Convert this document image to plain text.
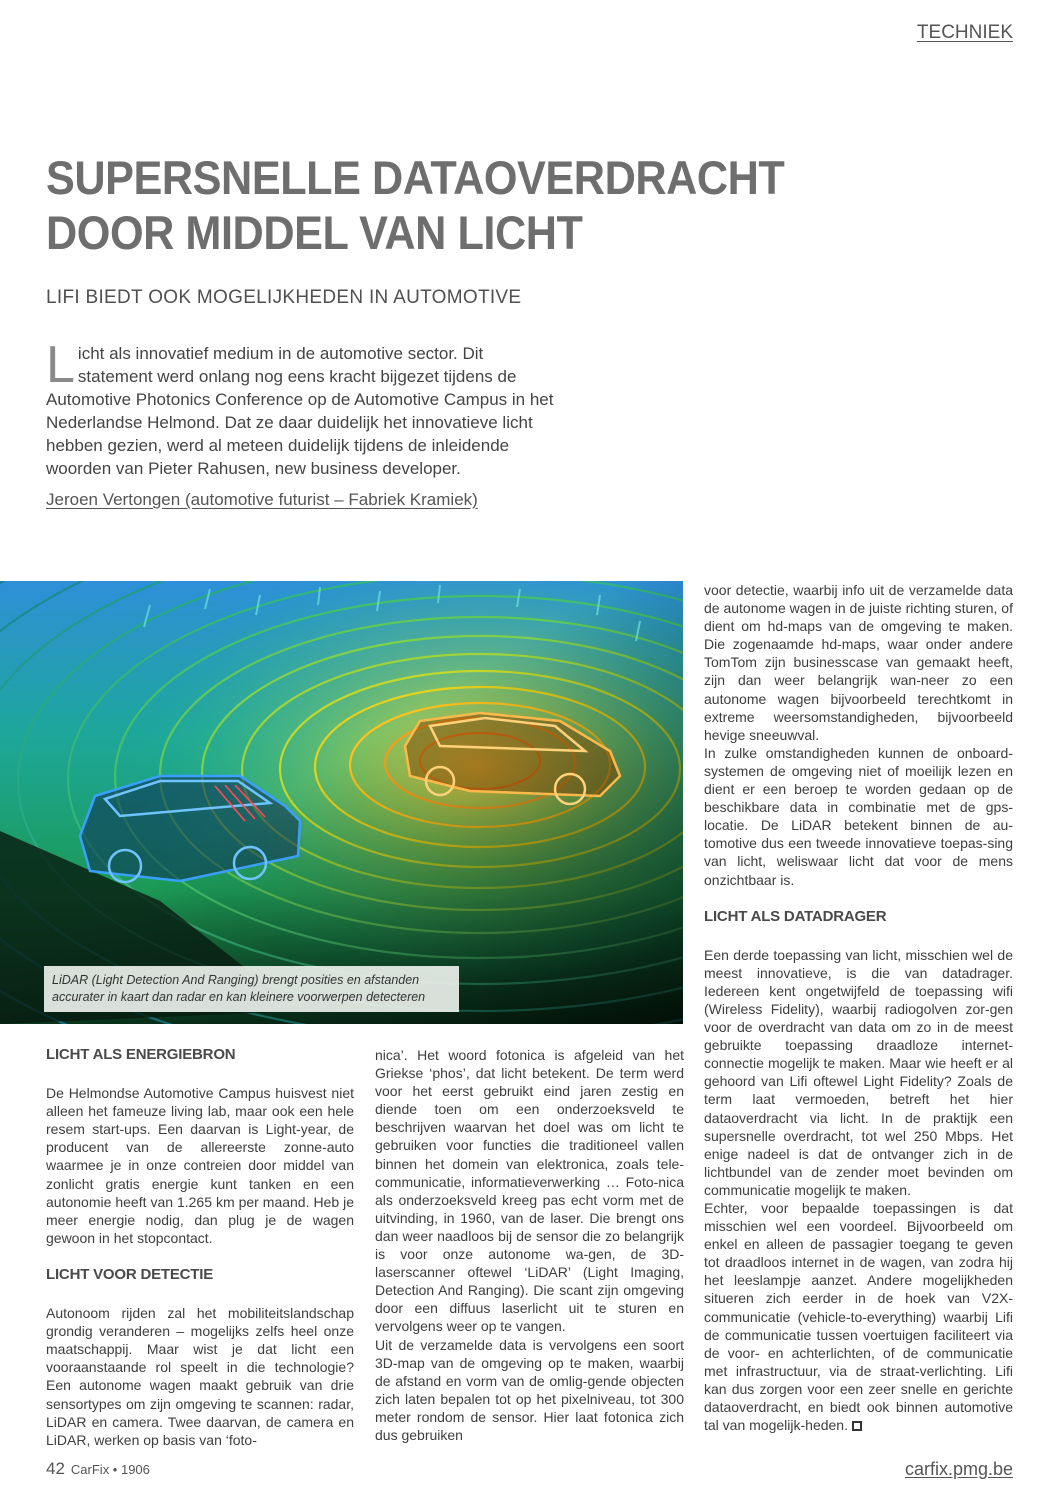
TECHNIEK
SUPERSNELLE DATAOVERDRACHT
DOOR MIDDEL VAN LICHT
LIFI BIEDT OOK MOGELIJKHEDEN IN AUTOMOTIVE
Licht als innovatief medium in de automotive sector. Dit statement werd onlang nog eens kracht bijgezet tijdens de Automotive Photonics Conference op de Automotive Campus in het Nederlandse Helmond. Dat ze daar duidelijk het innovatieve licht hebben gezien, werd al meteen duidelijk tijdens de inleidende woorden van Pieter Rahusen, new business developer.
Jeroen Vertongen (automotive futurist – Fabriek Kramiek)
LiDAR (Light Detection And Ranging) brengt posities en afstanden accurater in kaart dan radar en kan kleinere voorwerpen detecteren
LICHT ALS ENERGIEBRON

De Helmondse Automotive Campus huisvest niet alleen het fameuze living lab, maar ook een hele resem start-ups. Een daarvan is Light-year, de producent van de allereerste zonne-auto waarmee je in onze contreien door middel van zonlicht gratis energie kunt tanken en een autonomie heeft van 1.265 km per maand. Heb je meer energie nodig, dan plug je de wagen gewoon in het stopcontact.

LICHT VOOR DETECTIE

Autonoom rijden zal het mobiliteitslandschap grondig veranderen – mogelijks zelfs heel onze maatschappij. Maar wist je dat licht een vooraanstaande rol speelt in die technologie? Een autonome wagen maakt gebruik van drie sensortypes om zijn omgeving te scannen: radar, LiDAR en camera. Twee daarvan, de camera en LiDAR, werken op basis van ‘foto-

nica’. Het woord fotonica is afgeleid van het Griekse ‘phos’, dat licht betekent. De term werd voor het eerst gebruikt eind jaren zestig en diende toen om een onderzoeksveld te beschrijven waarvan het doel was om licht te gebruiken voor functies die traditioneel vallen binnen het domein van elektronica, zoals tele-communicatie, informatieverwerking … Foto-nica als onderzoeksveld kreeg pas echt vorm met de uitvinding, in 1960, van de laser. Die brengt ons dan weer naadloos bij de sensor die zo belangrijk is voor onze autonome wa-gen, de 3D-laserscanner oftewel ‘LiDAR’ (Light Imaging, Detection And Ranging). Die scant zijn omgeving door een diffuus laserlicht uit te sturen en vervolgens weer op te vangen.

Uit de verzamelde data is vervolgens een soort 3D-map van de omgeving op te maken, waarbij de afstand en vorm van de omlig-gende objecten zich laten bepalen tot op het pixelniveau, tot 300 meter rondom de sensor. Hier laat fotonica zich dus gebruiken

voor detectie, waarbij info uit de verzamelde data de autonome wagen in de juiste richting sturen, of dient om hd-maps van de omgeving te maken. Die zogenaamde hd-maps, waar onder andere TomTom zijn businesscase van gemaakt heeft, zijn dan weer belangrijk wan-neer zo een autonome wagen bijvoorbeeld terechtkomt in extreme weersomstandigheden, bijvoorbeeld hevige sneeuwval.

In zulke omstandigheden kunnen de onboard-systemen de omgeving niet of moeilijk lezen en dient er een beroep te worden gedaan op de beschikbare data in combinatie met de gps-locatie. De LiDAR betekent binnen de au-tomotive dus een tweede innovatieve toepas-sing van licht, weliswaar licht dat voor de mens onzichtbaar is.

LICHT ALS DATADRAGER

Een derde toepassing van licht, misschien wel de meest innovatieve, is die van datadrager. Iedereen kent ongetwijfeld de toepassing wifi (Wireless Fidelity), waarbij radiogolven zor-gen voor de overdracht van data om zo in de meest gebruikte toepassing draadloze internet-connectie mogelijk te maken. Maar wie heeft er al gehoord van Lifi oftewel Light Fidelity? Zoals de term laat vermoeden, betreft het hier dataoverdracht via licht. In de praktijk een supersnelle overdracht, tot wel 250 Mbps. Het enige nadeel is dat de ontvanger zich in de lichtbundel van de zender moet bevinden om communicatie mogelijk te maken.

Echter, voor bepaalde toepassingen is dat misschien wel een voordeel. Bijvoorbeeld om enkel en alleen de passagier toegang te geven tot draadloos internet in de wagen, van zodra hij het leeslampje aanzet. Andere mogelijkheden situeren zich eerder in de hoek van V2X-communicatie (vehicle-to-everything) waarbij Lifi de communicatie tussen voertuigen faciliteert via de voor- en achterlichten, of de communicatie met infrastructuur, via de straat-verlichting. Lifi kan dus zorgen voor een zeer snelle en gerichte dataoverdracht, en biedt ook binnen automotive tal van mogelijk-heden.

42 CarFix • 1906	carfix.pmg.be
